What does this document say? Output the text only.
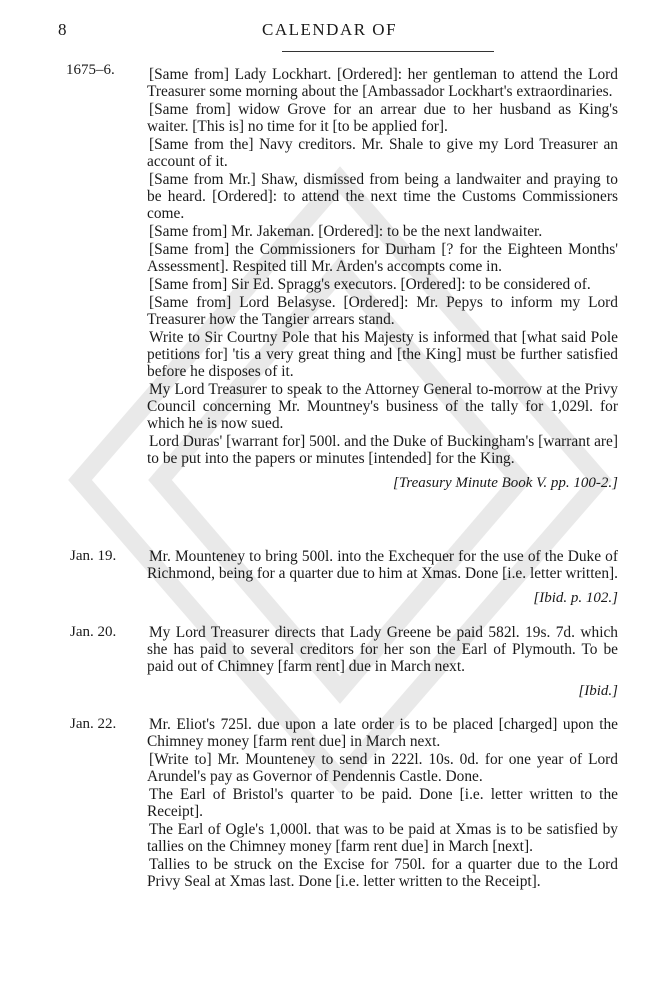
8	CALENDAR OF
1675–6. [Same from] Lady Lockhart. [Ordered]: her gentleman to attend the Lord Treasurer some morning about the [Ambassador Lockhart's extraordinaries.

[Same from] widow Grove for an arrear due to her husband as King's waiter. [This is] no time for it [to be applied for].

[Same from the] Navy creditors. Mr. Shale to give my Lord Treasurer an account of it.

[Same from Mr.] Shaw, dismissed from being a landwaiter and praying to be heard. [Ordered]: to attend the next time the Customs Commissioners come.

[Same from] Mr. Jakeman. [Ordered]: to be the next landwaiter.

[Same from] the Commissioners for Durham [? for the Eighteen Months' Assessment]. Respited till Mr. Arden's accompts come in.

[Same from] Sir Ed. Spragg's executors. [Ordered]: to be considered of.

[Same from] Lord Belasyse. [Ordered]: Mr. Pepys to inform my Lord Treasurer how the Tangier arrears stand.

Write to Sir Courtny Pole that his Majesty is informed that [what said Pole petitions for] 'tis a very great thing and [the King] must be further satisfied before he disposes of it.

My Lord Treasurer to speak to the Attorney General to-morrow at the Privy Council concerning Mr. Mountney's business of the tally for 1,029l. for which he is now sued.

Lord Duras' [warrant for] 500l. and the Duke of Buckingham's [warrant are] to be put into the papers or minutes [intended] for the King.

[Treasury Minute Book V. pp. 100-2.]

Jan. 19.	Mr. Mounteney to bring 500l. into the Exchequer for the use of the Duke of Richmond, being for a quarter due to him at Xmas. Done [i.e. letter written].

[Ibid. p. 102.]

Jan. 20.	My Lord Treasurer directs that Lady Greene be paid 582l. 19s. 7d. which she has paid to several creditors for her son the Earl of Plymouth. To be paid out of Chimney [farm rent] due in March next.

[Ibid.]

Jan. 22.	Mr. Eliot's 725l. due upon a late order is to be placed [charged] upon the Chimney money [farm rent due] in March next.

[Write to] Mr. Mounteney to send in 222l. 10s. 0d. for one year of Lord Arundel's pay as Governor of Pendennis Castle. Done.

The Earl of Bristol's quarter to be paid. Done [i.e. letter written to the Receipt].

The Earl of Ogle's 1,000l. that was to be paid at Xmas is to be satisfied by tallies on the Chimney money [farm rent due] in March [next].

Tallies to be struck on the Excise for 750l. for a quarter due to the Lord Privy Seal at Xmas last. Done [i.e. letter written to the Receipt].
